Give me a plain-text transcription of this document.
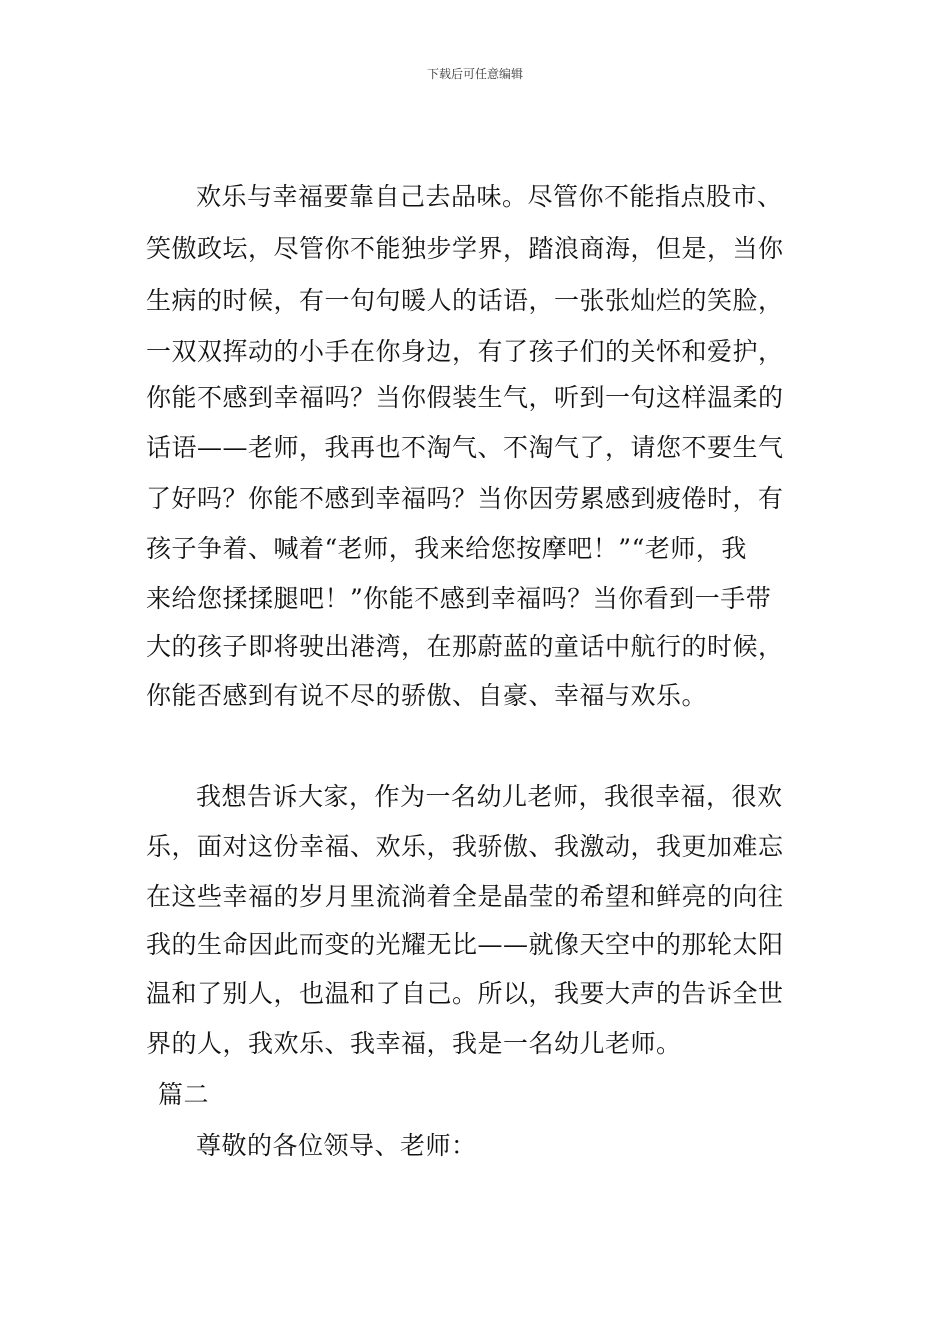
下载后可任意编辑
欢乐与幸福要靠自己去品味。尽管你不能指点股市、
笑傲政坛，尽管你不能独步学界，踏浪商海，但是，当你
生病的时候，有一句句暖人的话语，一张张灿烂的笑脸，
一双双挥动的小手在你身边，有了孩子们的关怀和爱护，
你能不感到幸福吗？当你假装生气，听到一句这样温柔的
话语——老师，我再也不淘气、不淘气了，请您不要生气
了好吗？你能不感到幸福吗？当你因劳累感到疲倦时，有
孩子争着、喊着“老师，我来给您按摩吧！”“老师，我
来给您揉揉腿吧！”你能不感到幸福吗？当你看到一手带
大的孩子即将驶出港湾，在那蔚蓝的童话中航行的时候，
你能否感到有说不尽的骄傲、自豪、幸福与欢乐。
我想告诉大家，作为一名幼儿老师，我很幸福，很欢
乐，面对这份幸福、欢乐，我骄傲、我激动，我更加难忘
在这些幸福的岁月里流淌着全是晶莹的希望和鲜亮的向往
我的生命因此而变的光耀无比——就像天空中的那轮太阳
温和了别人，也温和了自己。所以，我要大声的告诉全世
界的人，我欢乐、我幸福，我是一名幼儿老师。
篇二
尊敬的各位领导、老师：
